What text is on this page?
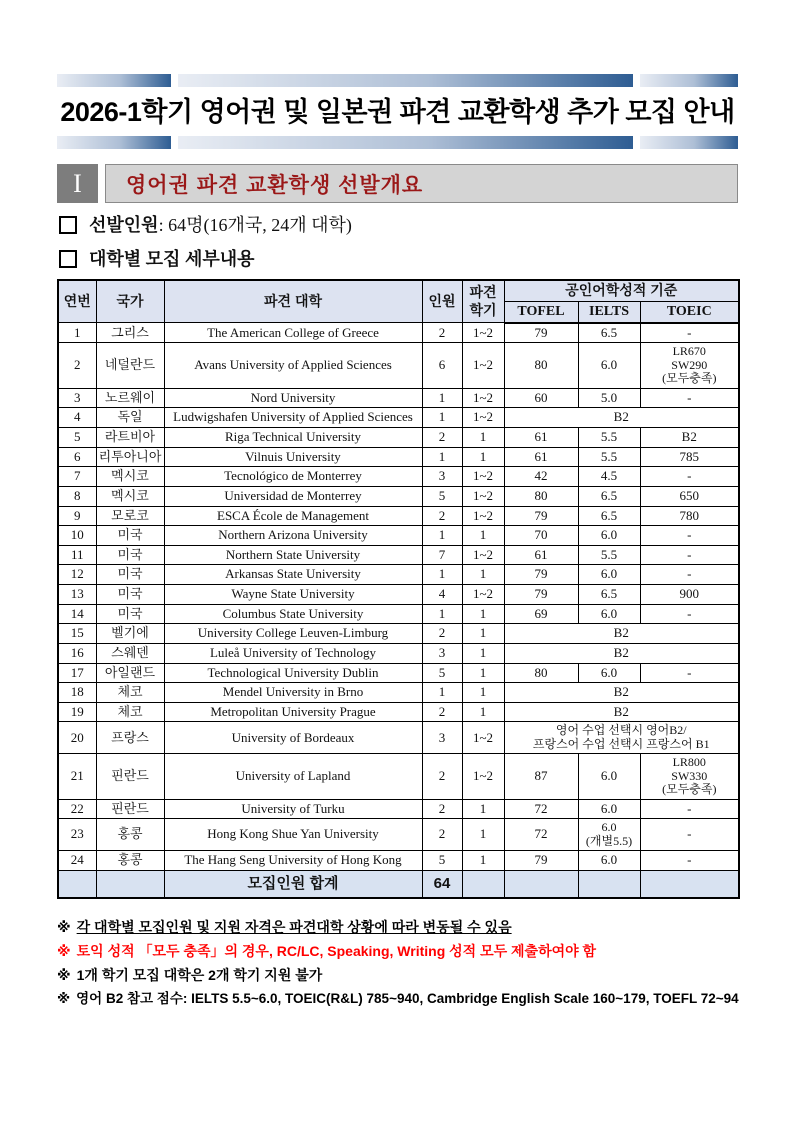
2026-1학기 영어권 및 일본권 파견 교환학생 추가 모집 안내
I 영어권 파견 교환학생 선발개요
선발인원 : 64명(16개국, 24개 대학)
대학별 모집 세부내용
연번	국가	파견 대학	인원	파견 학기	공인어학성적 기준		
					TOFEL	IELTS	TOEIC
1	그리스	The American College of Greece	2	1~2	79	6.5	-
2	네덜란드	Avans University of Applied Sciences	6	1~2	80	6.0	LR670
SW290
(모두충족)
3	노르웨이	Nord University	1	1~2	60	5.0	-
4	독일	Ludwigshafen University of Applied Sciences	1	1~2	B2		
5	라트비아	Riga Technical University	2	1	61	5.5	B2
6	리투아니아	Vilnuis University	1	1	61	5.5	785
7	멕시코	Tecnológico de Monterrey	3	1~2	42	4.5	-
8	멕시코	Universidad de Monterrey	5	1~2	80	6.5	650
9	모로코	ESCA École de Management	2	1~2	79	6.5	780
10	미국	Northern Arizona University	1	1	70	6.0	-
11	미국	Northern State University	7	1~2	61	5.5	-
12	미국	Arkansas State University	1	1	79	6.0	-
13	미국	Wayne State University	4	1~2	79	6.5	900
14	미국	Columbus State University	1	1	69	6.0	-
15	벨기에	University College Leuven-Limburg	2	1	B2		
16	스웨덴	Luleå University of Technology	3	1	B2		
17	아일랜드	Technological University Dublin	5	1	80	6.0	-
18	체코	Mendel University in Brno	1	1	B2		
19	체코	Metropolitan University Prague	2	1	B2		
20	프랑스	University of Bordeaux	3	1~2	영어 수업 선택시 영어B2/
프랑스어 수업 선택시 프랑스어 B1		
21	핀란드	University of Lapland	2	1~2	87	6.0	LR800
SW330
(모두충족)
22	핀란드	University of Turku	2	1	72	6.0	-
23	홍콩	Hong Kong Shue Yan University	2	1	72	6.0
(개별5.5)	-
24	홍콩	The Hang Seng University of Hong Kong	5	1	79	6.0	-
		모집인원 합계	64				
※ 각 대학별 모집인원 및 지원 자격은 파견대학 상황에 따라 변동될 수 있음
※ 토익 성적 「모두 충족」의 경우, RC/LC, Speaking, Writing 성적 모두 제출하여야 함
※ 1개 학기 모집 대학은 2개 학기 지원 불가
※ 영어 B2 참고 점수: IELTS 5.5~6.0, TOEIC(R&L) 785~940, Cambridge English Scale 160~179, TOEFL 72~94
